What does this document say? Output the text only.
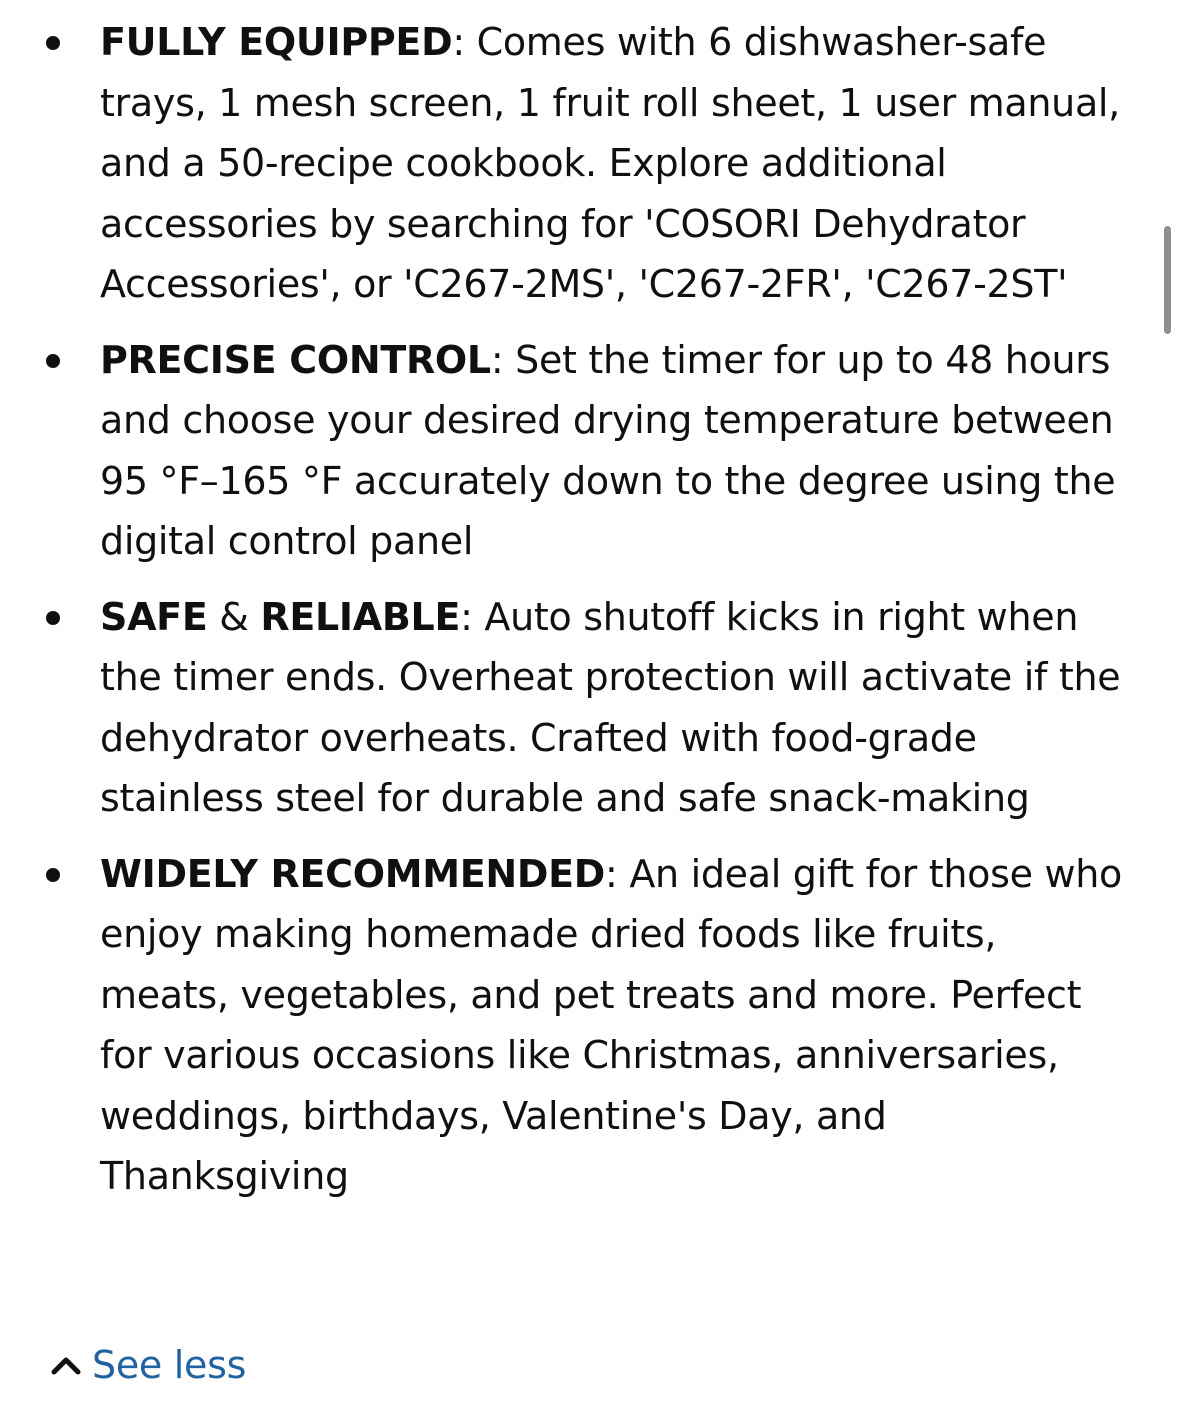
FULLY EQUIPPED: Comes with 6 dishwasher-safe trays, 1 mesh screen, 1 fruit roll sheet, 1 user manual, and a 50-recipe cookbook. Explore additional accessories by searching for 'COSORI Dehydrator Accessories', or 'C267-2MS', 'C267-2FR', 'C267-2ST'
PRECISE CONTROL: Set the timer for up to 48 hours and choose your desired drying temperature between 95 °F–165 °F accurately down to the degree using the digital control panel
SAFE & RELIABLE: Auto shutoff kicks in right when the timer ends. Overheat protection will activate if the dehydrator overheats. Crafted with food-grade stainless steel for durable and safe snack-making
WIDELY RECOMMENDED: An ideal gift for those who enjoy making homemade dried foods like fruits, meats, vegetables, and pet treats and more. Perfect for various occasions like Christmas, anniversaries, weddings, birthdays, Valentine's Day, and Thanksgiving
See less
